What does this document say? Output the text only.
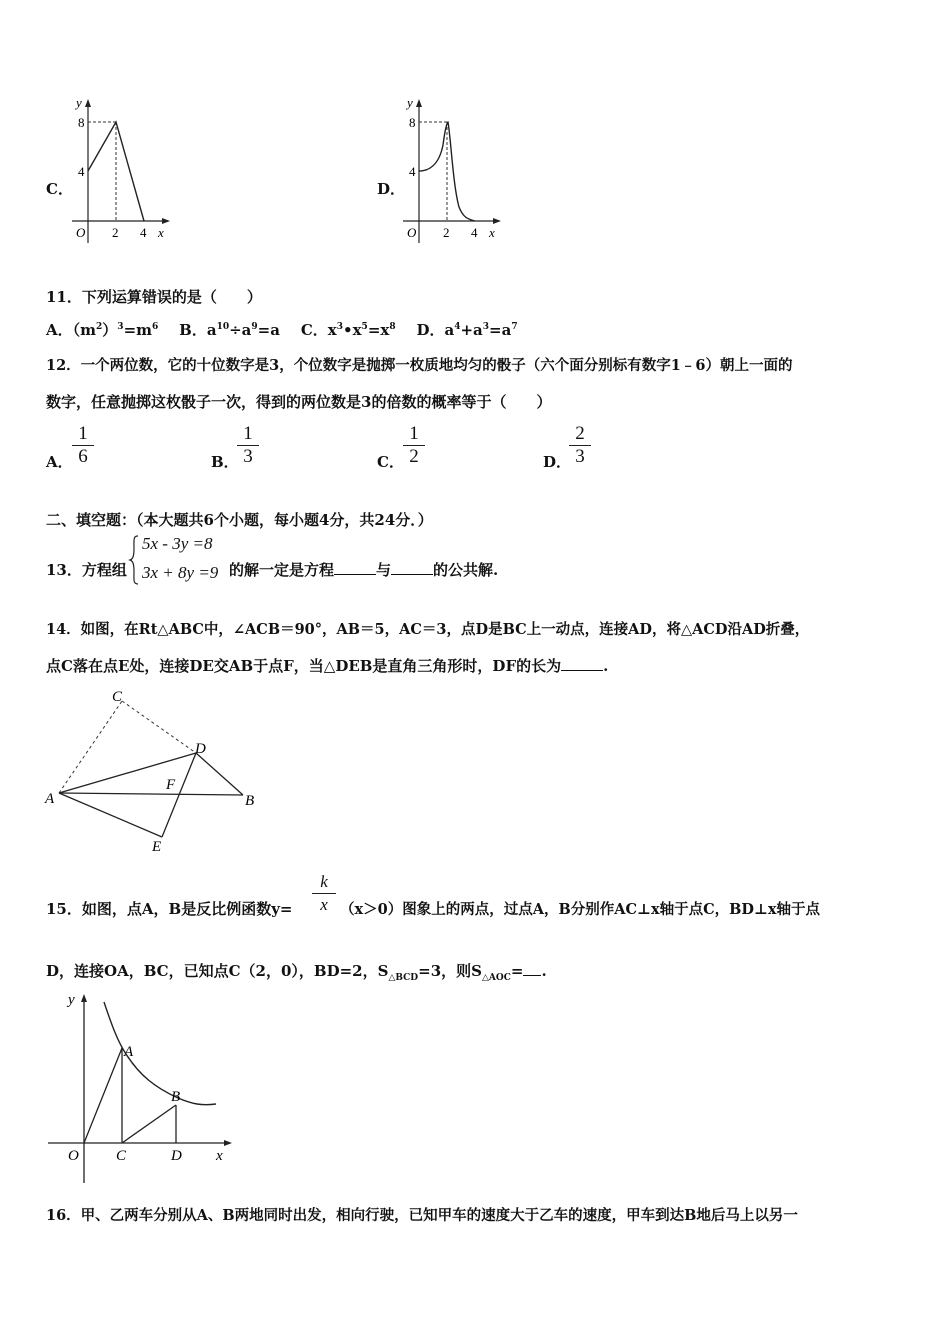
C．
y
8
4
O 2 4 x
D．
y
8
4
O 2 4 x
11．下列运算错误的是（　　）
A．$(m^2)^3=m^6$ B．$a^{10}\div a^9=a$ C．$x^3•x^5=x^8$ D．$a^4+a^3=a^7$
12．一个两位数，它的十位数字是3，个位数字是抛掷一枚质地均匀的骰子（六个面分别标有数字1﹣6）朝上一面的
数字，任意抛掷这枚骰子一次，得到的两位数是3的倍数的概率等于（　　）
A．
1
6	B．
1
3	C．
1
2	D．
2
3
二、填空题：（本大题共6个小题，每小题4分，共24分．）
13．方程组
5x - 3y =8
3x + 8y =9 的解一定是方程	与	的公共解.
14．如图，在Rt△ABC中，∠ACB＝90°，AB＝5，AC＝3，点D是BC上一动点，连接AD，将△ACD沿AD折叠，
点C落在点E处，连接DE交AB于点F，当△DEB是直角三角形时，DF的长为	.
C
D
A
F
B
E
15．如图，点A，B是反比例函数y=
k
x （x＞0）图象上的两点，过点A，B分别作AC⊥x轴于点C，BD⊥x轴于点
D，连接OA，BC，已知点C（2，0），BD=2，$S_{\triangle BCD}=3$，则$S_{\triangle AOC}=$ .
y
A
B
O C	D x
16．甲、乙两车分别从A、B两地同时出发，相向行驶，已知甲车的速度大于乙车的速度，甲车到达B地后马上以另一
